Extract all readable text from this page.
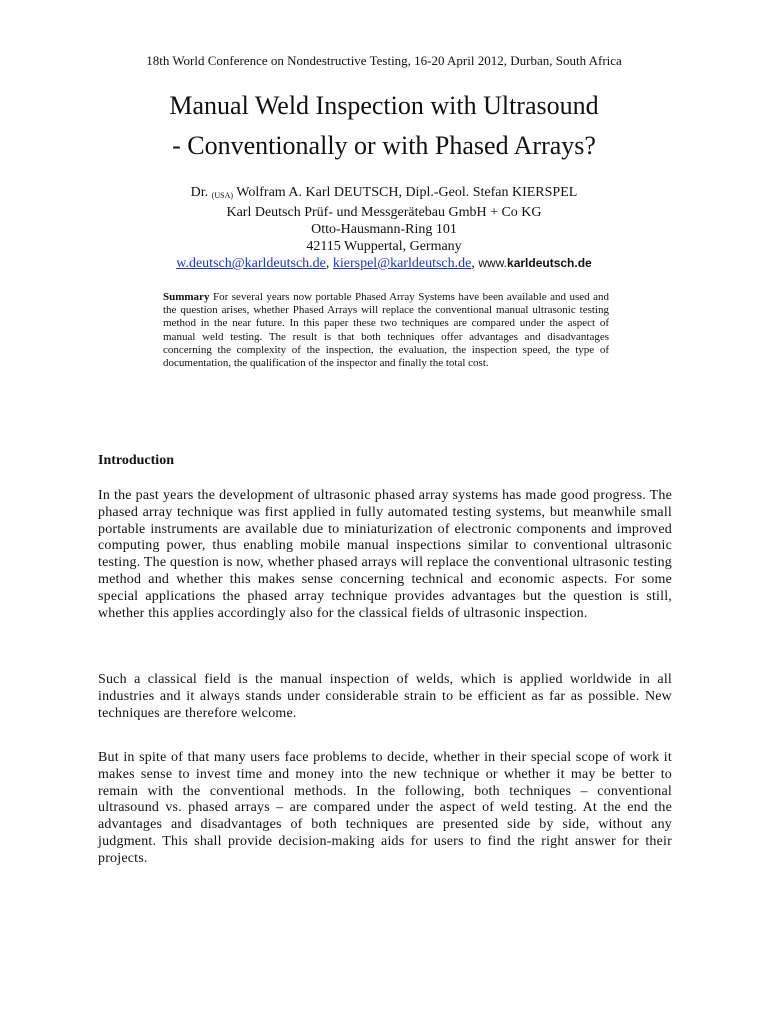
18th World Conference on Nondestructive Testing, 16-20 April 2012, Durban, South Africa
Manual Weld Inspection with Ultrasound
- Conventionally or with Phased Arrays?
Dr. $_{(USA)}$ Wolfram A. Karl DEUTSCH, Dipl.-Geol. Stefan KIERSPEL
Karl Deutsch Prüf- und Messgerätebau GmbH + Co KG
Otto-Hausmann-Ring 101
42115 Wuppertal, Germany
w.deutsch@karldeutsch.de, kierspel@karldeutsch.de, www.karldeutsch.de
Summary For several years now portable Phased Array Systems have been available and used and the question arises, whether Phased Arrays will replace the conventional manual ultrasonic testing method in the near future. In this paper these two techniques are compared under the aspect of manual weld testing. The result is that both techniques offer advantages and disadvantages concerning the complexity of the inspection, the evaluation, the inspection speed, the type of documentation, the qualification of the inspector and finally the total cost.
Introduction
In the past years the development of ultrasonic phased array systems has made good progress. The phased array technique was first applied in fully automated testing systems, but meanwhile small portable instruments are available due to miniaturization of electronic components and improved computing power, thus enabling mobile manual inspections similar to conventional ultrasonic testing. The question is now, whether phased arrays will replace the conventional ultrasonic testing method and whether this makes sense concerning technical and economic aspects. For some special applications the phased array technique provides advantages but the question is still, whether this applies accordingly also for the classical fields of ultrasonic inspection.
Such a classical field is the manual inspection of welds, which is applied worldwide in all industries and it always stands under considerable strain to be efficient as far as possible. New techniques are therefore welcome.
But in spite of that many users face problems to decide, whether in their special scope of work it makes sense to invest time and money into the new technique or whether it may be better to remain with the conventional methods. In the following, both techniques – conventional ultrasound vs. phased arrays – are compared under the aspect of weld testing. At the end the advantages and disadvantages of both techniques are presented side by side, without any judgment. This shall provide decision-making aids for users to find the right answer for their projects.
